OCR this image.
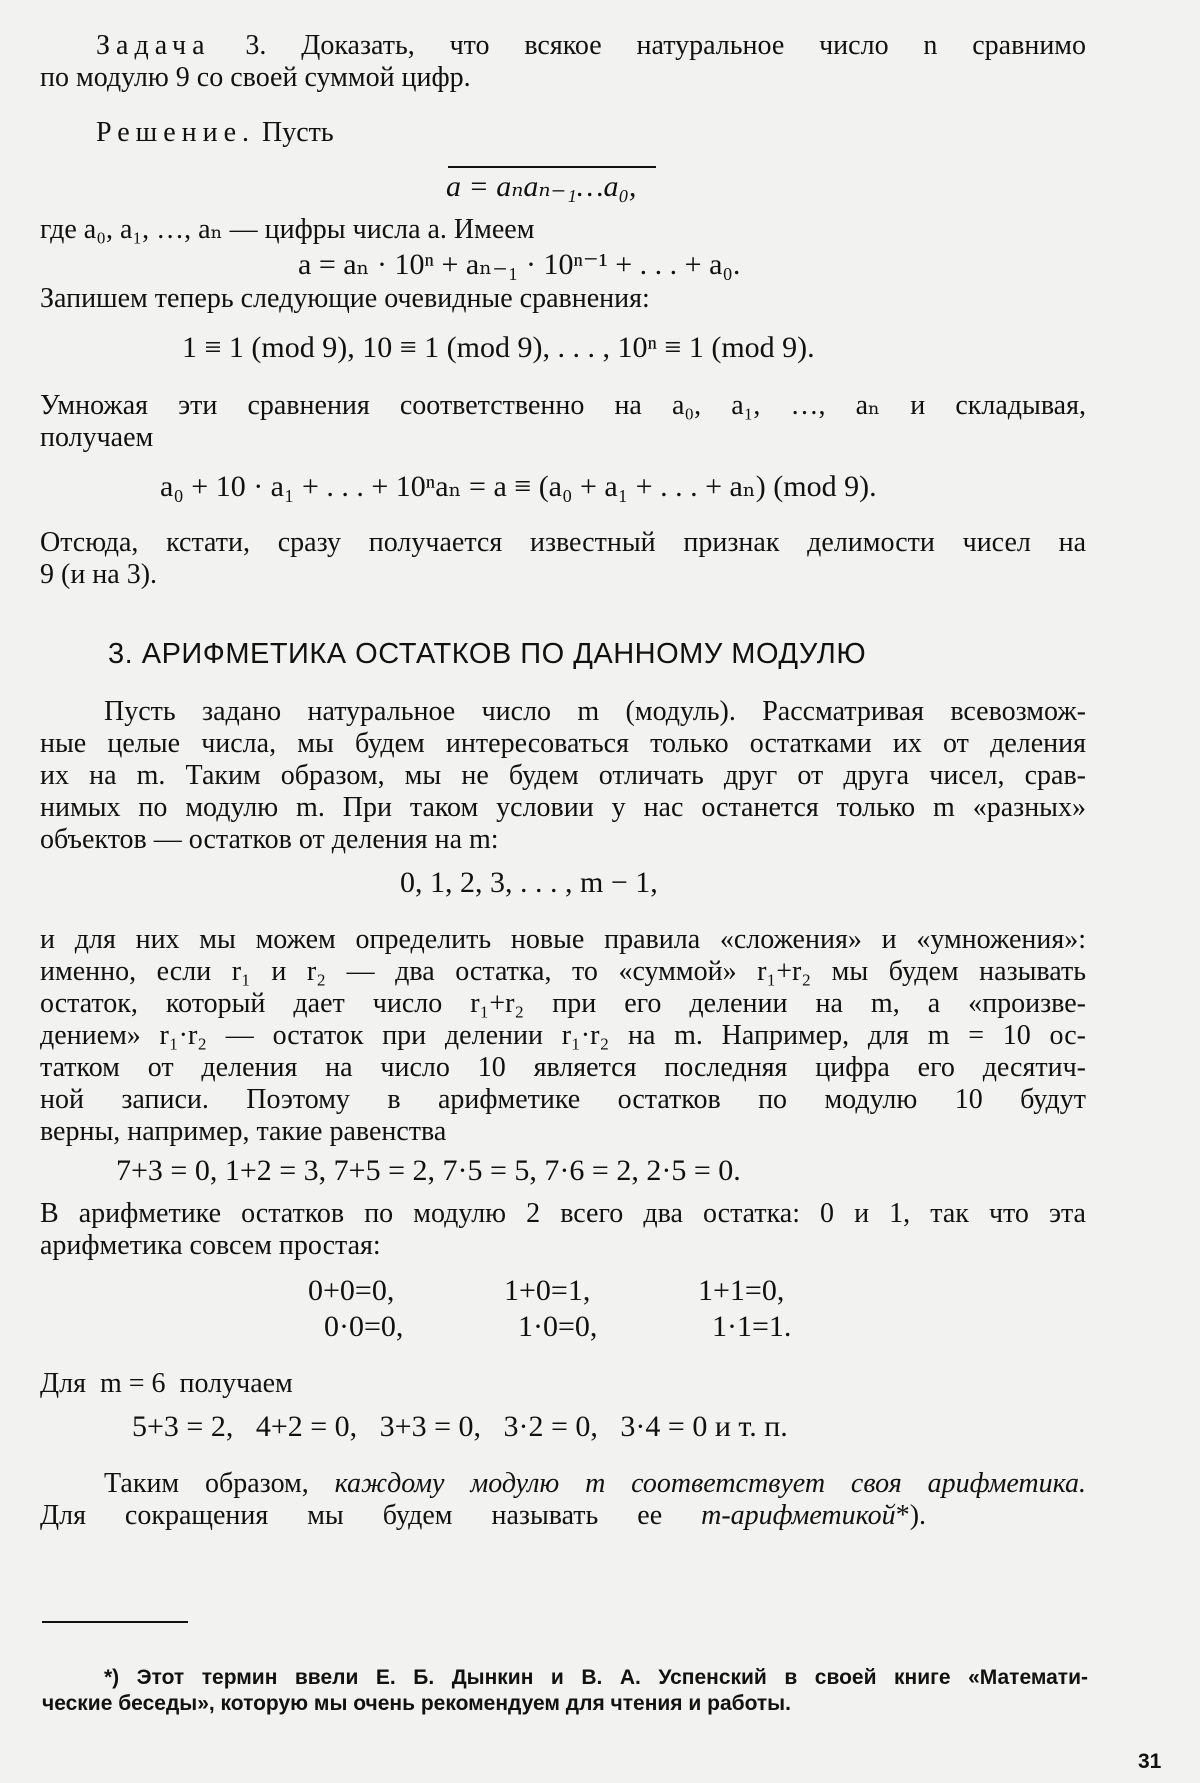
Задача 3. Доказать, что всякое натуральное число n сравнимо
по модулю 9 со своей суммой цифр.
Решение. Пусть
a = aₙaₙ₋₁…a₀,
где a₀, a₁, …, aₙ — цифры числа a. Имеем
a = aₙ · 10ⁿ + aₙ₋₁ · 10ⁿ⁻¹ + . . . + a₀.
Запишем теперь следующие очевидные сравнения:
1 ≡ 1 (mod 9), 10 ≡ 1 (mod 9), . . . , 10ⁿ ≡ 1 (mod 9).
Умножая эти сравнения соответственно на a₀, a₁, …, aₙ и складывая,
получаем
a₀ + 10 · a₁ + . . . + 10ⁿaₙ = a ≡ (a₀ + a₁ + . . . + aₙ) (mod 9).
Отсюда, кстати, сразу получается известный признак делимости чисел на
9 (и на 3).
3. АРИФМЕТИКА ОСТАТКОВ ПО ДАННОМУ МОДУЛЮ
Пусть задано натуральное число m (модуль). Рассматривая всевозмож-
ные целые числа, мы будем интересоваться только остатками их от деления
их на m. Таким образом, мы не будем отличать друг от друга чисел, срав-
нимых по модулю m. При таком условии у нас останется только m «разных»
объектов — остатков от деления на m:
0, 1, 2, 3, . . . , m − 1,
и для них мы можем определить новые правила «сложения» и «умножения»:
именно, если r₁ и r₂ — два остатка, то «суммой» r₁+r₂ мы будем называть
остаток, который дает число r₁+r₂ при его делении на m, а «произве-
дением» r₁·r₂ — остаток при делении r₁·r₂ на m. Например, для m = 10 ос-
татком от деления на число 10 является последняя цифра его десятич-
ной записи. Поэтому в арифметике остатков по модулю 10 будут
верны, например, такие равенства
7+3 = 0, 1+2 = 3, 7+5 = 2, 7·5 = 5, 7·6 = 2, 2·5 = 0.
В арифметике остатков по модулю 2 всего два остатка: 0 и 1, так что эта
арифметика совсем простая:
0+0=0,	1+0=1,	1+1=0,
0·0=0,	1·0=0,	1·1=1.
Для  m = 6  получаем
5+3 = 2,   4+2 = 0,   3+3 = 0,   3·2 = 0,   3·4 = 0 и т. п.
Таким образом, каждому модулю m соответствует своя арифметика.
Для сокращения мы будем называть ее m-арифметикой*).
*) Этот термин ввели Е. Б. Дынкин и В. А. Успенский в своей книге «Математи-
ческие беседы», которую мы очень рекомендуем для чтения и работы.
31
